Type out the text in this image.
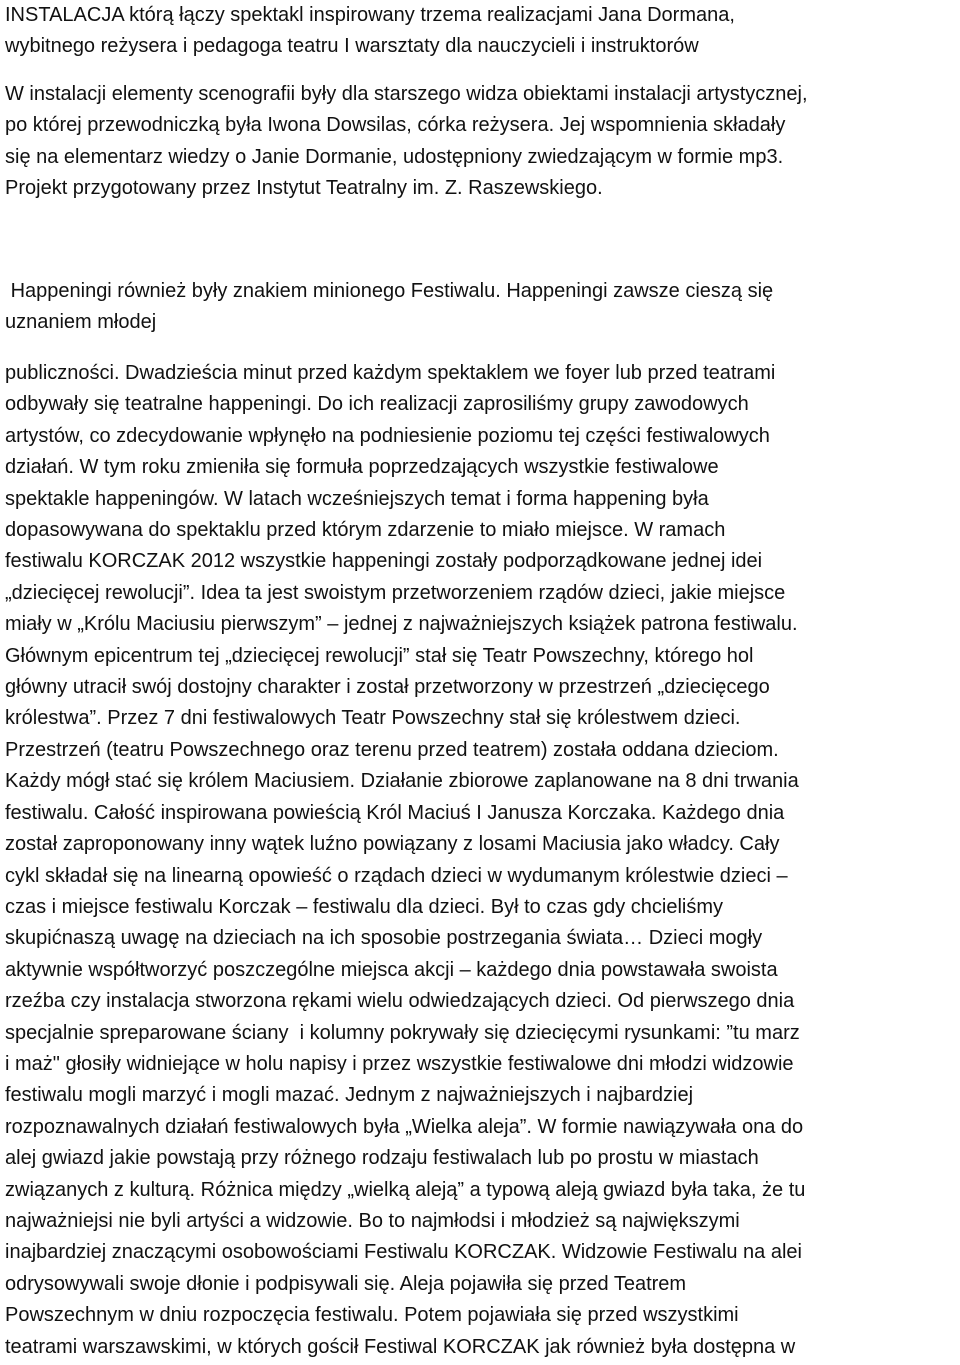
INSTALACJA którą łączy spektakl inspirowany trzema realizacjami Jana Dormana,
wybitnego reżysera i pedagoga teatru I warsztaty dla nauczycieli i instruktorów

W instalacji elementy scenografii były dla starszego widza obiektami instalacji artystycznej,
po której przewodniczką była Iwona Dowsilas, córka reżysera. Jej wspomnienia składały
się na elementarz wiedzy o Janie Dormanie, udostępniony zwiedzającym w formie mp3.
Projekt przygotowany przez Instytut Teatralny im. Z. Raszewskiego.

Happeningi również były znakiem minionego Festiwalu. Happeningi zawsze cieszą się
uznaniem młodej

publiczności. Dwadzieścia minut przed każdym spektaklem we foyer lub przed teatrami
odbywały się teatralne happeningi. Do ich realizacji zaprosiliśmy grupy zawodowych
artystów, co zdecydowanie wpłynęło na podniesienie poziomu tej części festiwalowych
działań. W tym roku zmieniła się formuła poprzedzających wszystkie festiwalowe
spektakle happeningów. W latach wcześniejszych temat i forma happening była
dopasowywana do spektaklu przed którym zdarzenie to miało miejsce. W ramach
festiwalu KORCZAK 2012 wszystkie happeningi zostały podporządkowane jednej idei
„dziecięcej rewolucji”. Idea ta jest swoistym przetworzeniem rządów dzieci, jakie miejsce
miały w „Królu Maciusiu pierwszym” – jednej z najważniejszych książek patrona festiwalu.
Głównym epicentrum tej „dziecięcej rewolucji” stał się Teatr Powszechny, którego hol
główny utracił swój dostojny charakter i został przetworzony w przestrzeń „dziecięcego
królestwa”. Przez 7 dni festiwalowych Teatr Powszechny stał się królestwem dzieci.
Przestrzeń (teatru Powszechnego oraz terenu przed teatrem) została oddana dzieciom.
Każdy mógł stać się królem Maciusiem. Działanie zbiorowe zaplanowane na 8 dni trwania
festiwalu. Całość inspirowana powieścią Król Maciuś I Janusza Korczaka. Każdego dnia
został zaproponowany inny wątek luźno powiązany z losami Maciusia jako władcy. Cały
cykl składał się na linearną opowieść o rządach dzieci w wydumanym królestwie dzieci –
czas i miejsce festiwalu Korczak – festiwalu dla dzieci. Był to czas gdy chcieliśmy
skupićnaszą uwagę na dzieciach na ich sposobie postrzegania świata… Dzieci mogły
aktywnie współtworzyć poszczególne miejsca akcji – każdego dnia powstawała swoista
rzeźba czy instalacja stworzona rękami wielu odwiedzających dzieci. Od pierwszego dnia
specjalnie spreparowane ściany  i kolumny pokrywały się dziecięcymi rysunkami: ”tu marz
i maż" głosiły widniejące w holu napisy i przez wszystkie festiwalowe dni młodzi widzowie
festiwalu mogli marzyć i mogli mazać. Jednym z najważniejszych i najbardziej
rozpoznawalnych działań festiwalowych była „Wielka aleja”. W formie nawiązywała ona do
alej gwiazd jakie powstają przy różnego rodzaju festiwalach lub po prostu w miastach
związanych z kulturą. Różnica między „wielką aleją” a typową aleją gwiazd była taka, że tu
najważniejsi nie byli artyści a widzowie. Bo to najmłodsi i młodzież są największymi
inajbardziej znaczącymi osobowościami Festiwalu KORCZAK. Widzowie Festiwalu na alei
odrysowywali swoje dłonie i podpisywali się. Aleja pojawiła się przed Teatrem
Powszechnym w dniu rozpoczęcia festiwalu. Potem pojawiała się przed wszystkimi
teatrami warszawskimi, w których gościł Festiwal KORCZAK jak również była dostępna w
